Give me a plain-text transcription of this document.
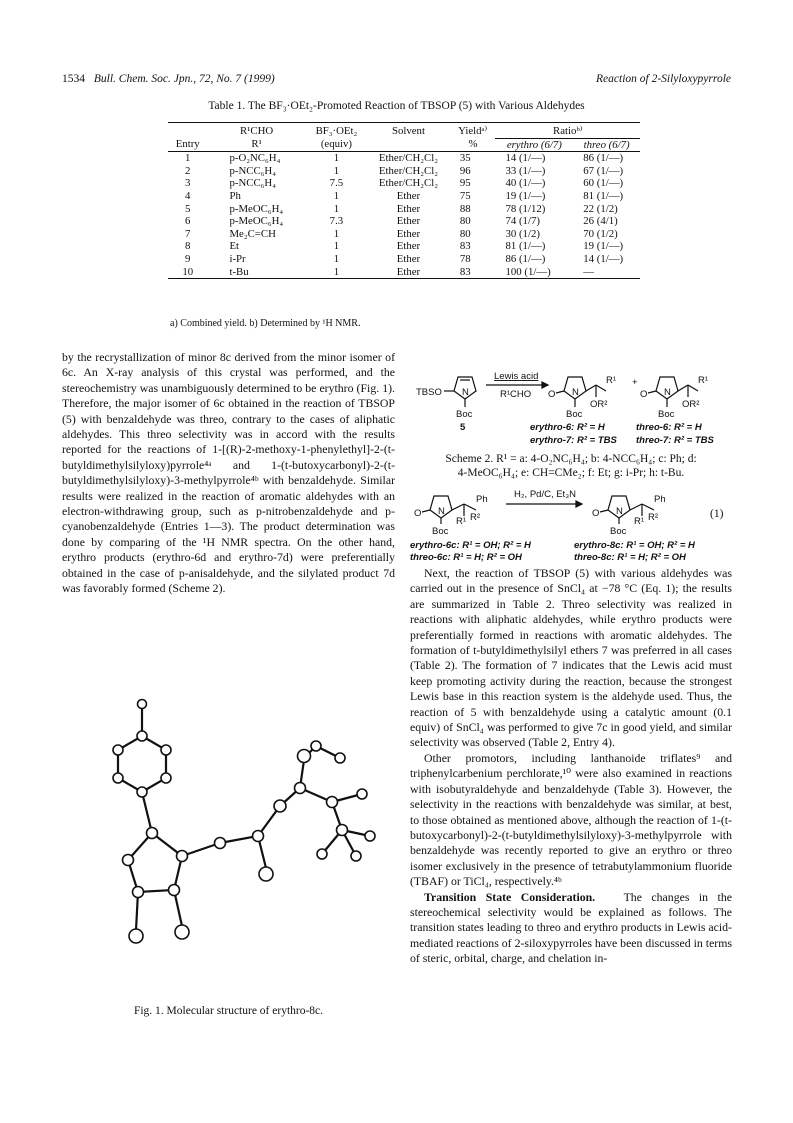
1534 Bull. Chem. Soc. Jpn., 72, No. 7 (1999)	Reaction of 2-Silyloxypyrrole
Table 1. The BF₃·OEt₂-Promoted Reaction of TBSOP (5) with Various Aldehydes
	R¹CHO	BF₃·OEt₂	Solvent	Yieldᵃ⁾	Ratioᵇ⁾	
Entry	R¹	(equiv)		%	erythro (6/7)	threo (6/7)
1	p-O₂NC₆H₄	1	Ether/CH₂Cl₂	35	14 (1/—)	86 (1/—)
2	p-NCC₆H₄	1	Ether/CH₂Cl₂	96	33 (1/—)	67 (1/—)
3	p-NCC₆H₄	7.5	Ether/CH₂Cl₂	95	40 (1/—)	60 (1/—)
4	Ph	1	Ether	75	19 (1/—)	81 (1/—)
5	p-MeOC₆H₄	1	Ether	88	78 (1/12)	22 (1/2)
6	p-MeOC₆H₄	7.3	Ether	80	74 (1/7)	26 (4/1)
7	Me₂C=CH	1	Ether	80	30 (1/2)	70 (1/2)
8	Et	1	Ether	83	81 (1/—)	19 (1/—)
9	i-Pr	1	Ether	78	86 (1/—)	14 (1/—)
10	t-Bu	1	Ether	83	100 (1/—)	—
a) Combined yield. b) Determined by ¹H NMR.

by the recrystallization of minor 8c derived from the minor isomer of 6c. An X-ray analysis of this crystal was performed, and the stereochemistry was unambiguously determined to be erythro (Fig. 1). Therefore, the major isomer of 6c obtained in the reaction of TBSOP (5) with benzaldehyde was threo, contrary to the cases of aliphatic aldehydes. This threo selectivity was in accord with the results reported for the reactions of 1-[(R)-2-methoxy-1-phenylethyl]-2-(t-butyldimethylsilyloxy)pyrrole⁴ᵃ and 1-(t-butoxycarbonyl)-2-(t-butyldimethylsilyloxy)-3-methylpyrrole⁴ᵇ with benzaldehyde. Similar results were realized in the reaction of aromatic aldehydes with an electron-withdrawing group, such as p-nitrobenzaldehyde and p-cyanobenzaldehyde (Entries 1—3). The product determination was done by comparing of the ¹H NMR spectra. On the other hand, erythro products (erythro-6d and erythro-7d) were preferentially obtained in the case of p-anisaldehyde, and the silylated product 7d was favorably formed (Scheme 2).

Fig. 1. Molecular structure of erythro-8c.
TBSO N
Boc
5
Lewis acid
R¹CHO O N
R¹
OR²
Boc
+
O N
R¹
OR²
Boc
erythro-6: R² = H
erythro-7: R² = TBS
threo-6: R² = H
threo-7: R² = TBS
Scheme 2. R¹ = a: 4-O₂NC₆H₄; b: 4-NCC₆H₄; c: Ph; d:
4-MeOC₆H₄; e: CH=CMe₂; f: Et; g: i-Pr; h: t-Bu.
O N
Ph
R¹ R²
Boc
H₂, Pd/C, Et₃N
O N
Ph
R¹ R²
Boc
erythro-6c: R¹ = OH; R² = H
threo-6c: R¹ = H; R² = OH
erythro-8c: R¹ = OH; R² = H
threo-8c: R¹ = H; R² = OH
(1)

Next, the reaction of TBSOP (5) with various aldehydes was carried out in the presence of SnCl₄ at −78 °C (Eq. 1); the results are summarized in Table 2. Threo selectivity was realized in reactions with aliphatic aldehydes, while erythro products were preferentially formed in reactions with aromatic aldehydes. The formation of t-butyldimethylsilyl ethers 7 was preferred in all cases (Table 2). The formation of 7 indicates that the Lewis acid must keep promoting activity during the reaction, because the strongest Lewis base in this reaction system is the aldehyde used. Thus, the reaction of 5 with benzaldehyde using a catalytic amount (0.1 equiv) of SnCl₄ was performed to give 7c in good yield, and similar selectivity was observed (Table 2, Entry 4).

Other promotors, including lanthanoide triflates⁹ and triphenylcarbenium perchlorate,¹⁰ were also examined in reactions with isobutyraldehyde and benzaldehyde (Table 3). However, the selectivity in the reactions with benzaldehyde was similar, at best, to those obtained as mentioned above, although the reaction of 1-(t-butoxycarbonyl)-2-(t-butyldimethylsilyloxy)-3-methylpyrrole with benzaldehyde was recently reported to give an erythro or threo isomer exclusively in the presence of tetrabutylammonium fluoride (TBAF) or TiCl₄, respectively.⁴ᵇ

Transition State Consideration. The changes in the stereochemical selectivity would be explained as follows. The transition states leading to threo and erythro products in Lewis acid-mediated reactions of 2-siloxypyrroles have been discussed in terms of steric, orbital, charge, and chelation in-
